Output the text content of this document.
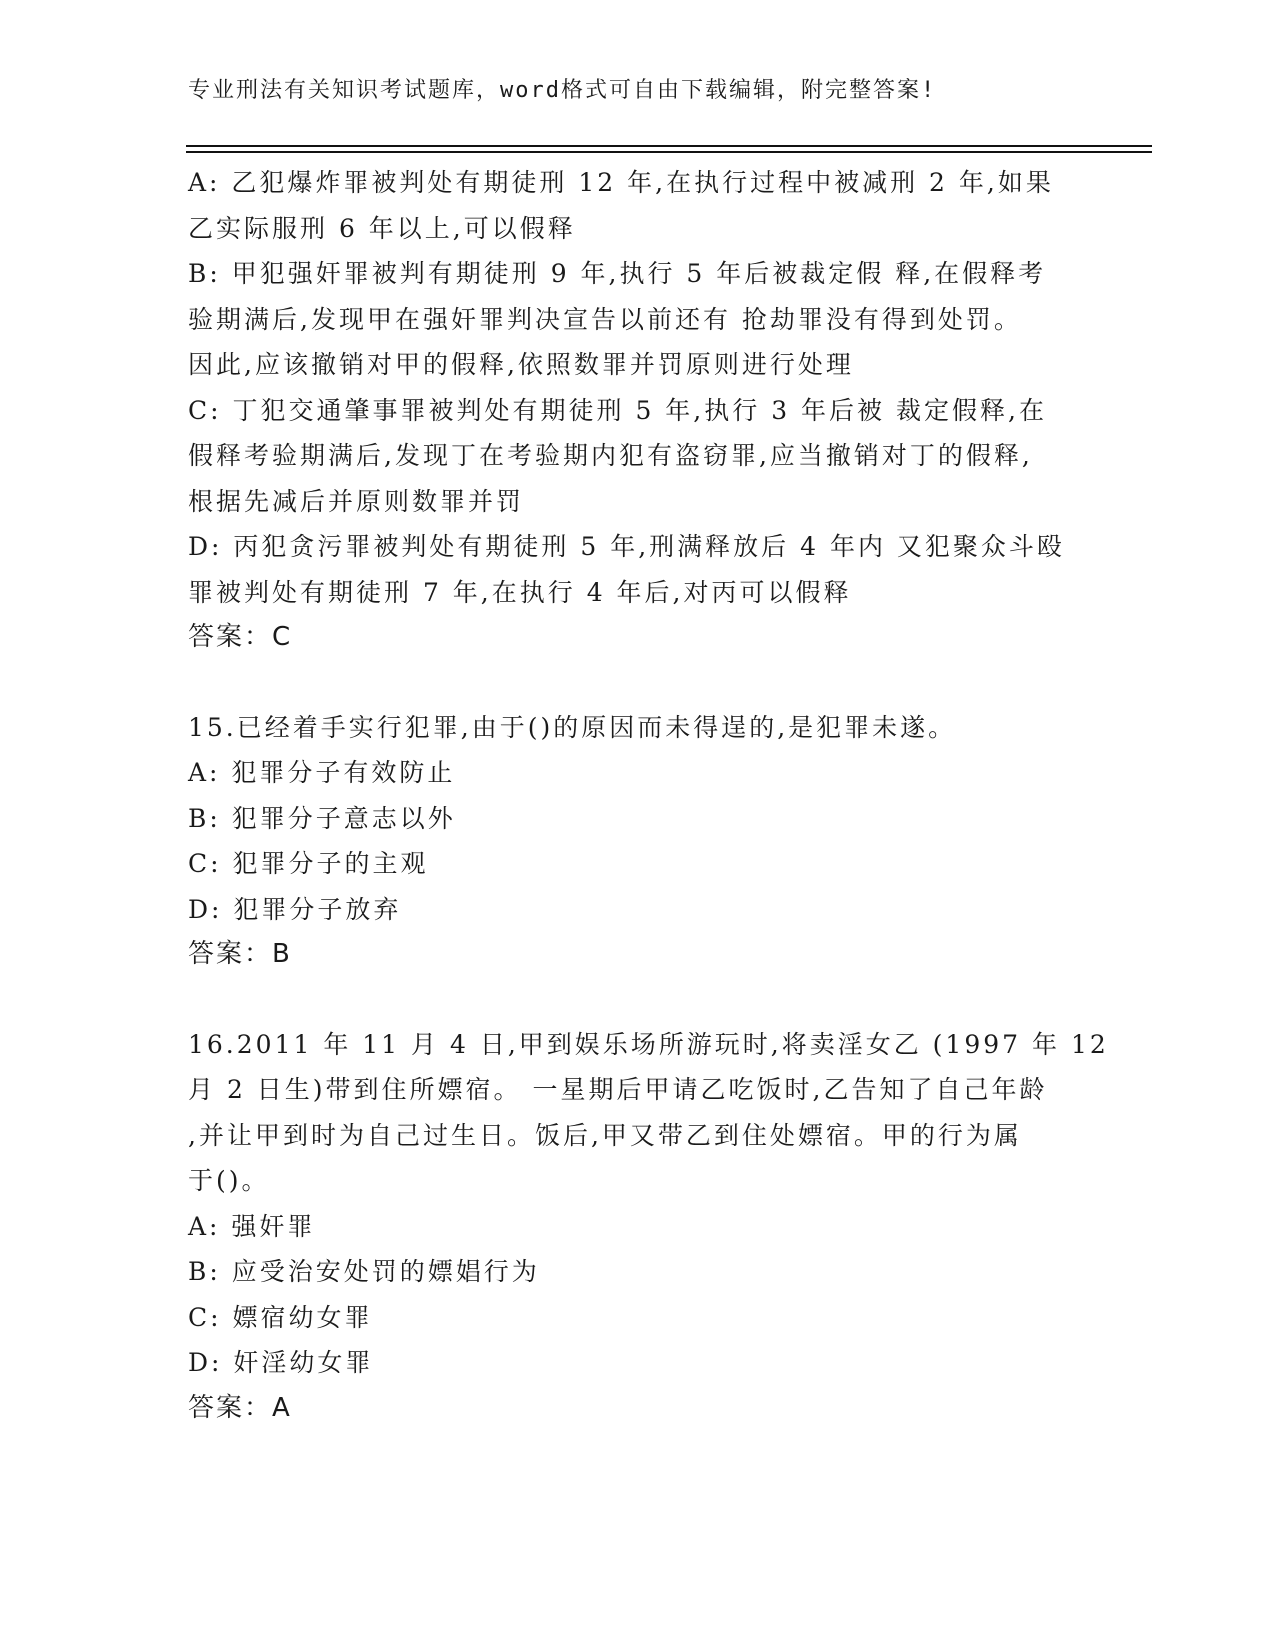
专业刑法有关知识考试题库，word格式可自由下载编辑，附完整答案!
A: 乙犯爆炸罪被判处有期徒刑 12 年,在执行过程中被减刑 2 年,如果
乙实际服刑 6 年以上,可以假释
B: 甲犯强奸罪被判有期徒刑 9 年,执行 5 年后被裁定假 释,在假释考
验期满后,发现甲在强奸罪判决宣告以前还有 抢劫罪没有得到处罚。
因此,应该撤销对甲的假释,依照数罪并罚原则进行处理
C: 丁犯交通肇事罪被判处有期徒刑 5 年,执行 3 年后被 裁定假释,在
假释考验期满后,发现丁在考验期内犯有盗窃罪,应当撤销对丁的假释,
根据先减后并原则数罪并罚
D: 丙犯贪污罪被判处有期徒刑 5 年,刑满释放后 4 年内 又犯聚众斗殴
罪被判处有期徒刑 7 年,在执行 4 年后,对丙可以假释
答案：C
15.已经着手实行犯罪,由于()的原因而未得逞的,是犯罪未遂。
A: 犯罪分子有效防止
B: 犯罪分子意志以外
C: 犯罪分子的主观
D: 犯罪分子放弃
答案：B
16.2011 年 11 月 4 日,甲到娱乐场所游玩时,将卖淫女乙 (1997 年 12
月 2 日生)带到住所嫖宿。 一星期后甲请乙吃饭时,乙告知了自己年龄
,并让甲到时为自己过生日。饭后,甲又带乙到住处嫖宿。甲的行为属
于()。
A: 强奸罪
B: 应受治安处罚的嫖娼行为
C: 嫖宿幼女罪
D: 奸淫幼女罪
答案：A
